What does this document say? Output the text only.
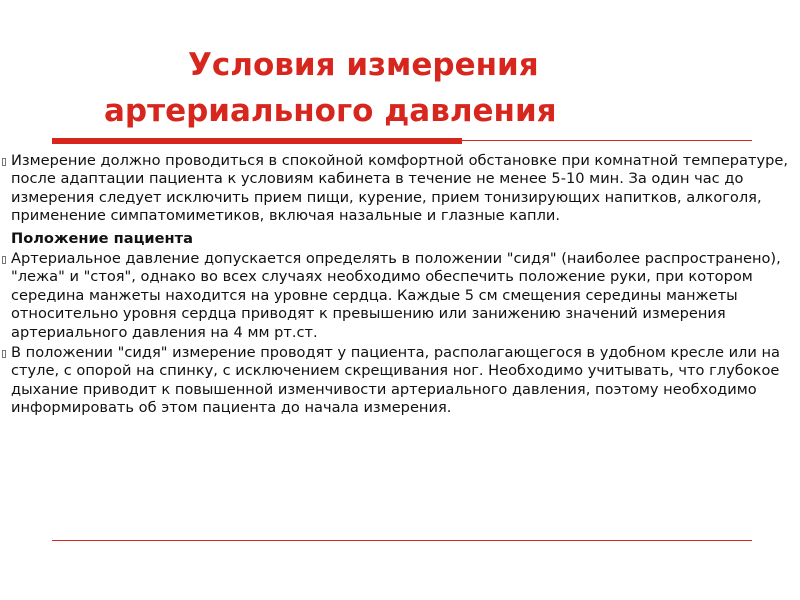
Условия измерения
артериального давления

Измерение должно проводиться в спокойной комфортной обстановке при комнатной температуре, после адаптации пациента к условиям кабинета в течение не менее 5-10 мин. За один час до измерения следует исключить прием пищи, курение, прием тонизирующих напитков, алкоголя, применение симпатомиметиков, включая назальные и глазные капли.

Положение пациента

Артериальное давление допускается определять в положении "сидя" (наиболее распространено), "лежа" и "стоя", однако во всех случаях необходимо обеспечить положение руки, при котором середина манжеты находится на уровне сердца. Каждые 5 см смещения середины манжеты относительно уровня сердца приводят к превышению или занижению значений измерения артериального давления на 4 мм рт.ст.

В положении "сидя" измерение проводят у пациента, располагающегося в удобном кресле или на стуле, с опорой на спинку, с исключением скрещивания ног. Необходимо учитывать, что глубокое дыхание приводит к повышенной изменчивости артериального давления, поэтому необходимо информировать об этом пациента до начала измерения.
